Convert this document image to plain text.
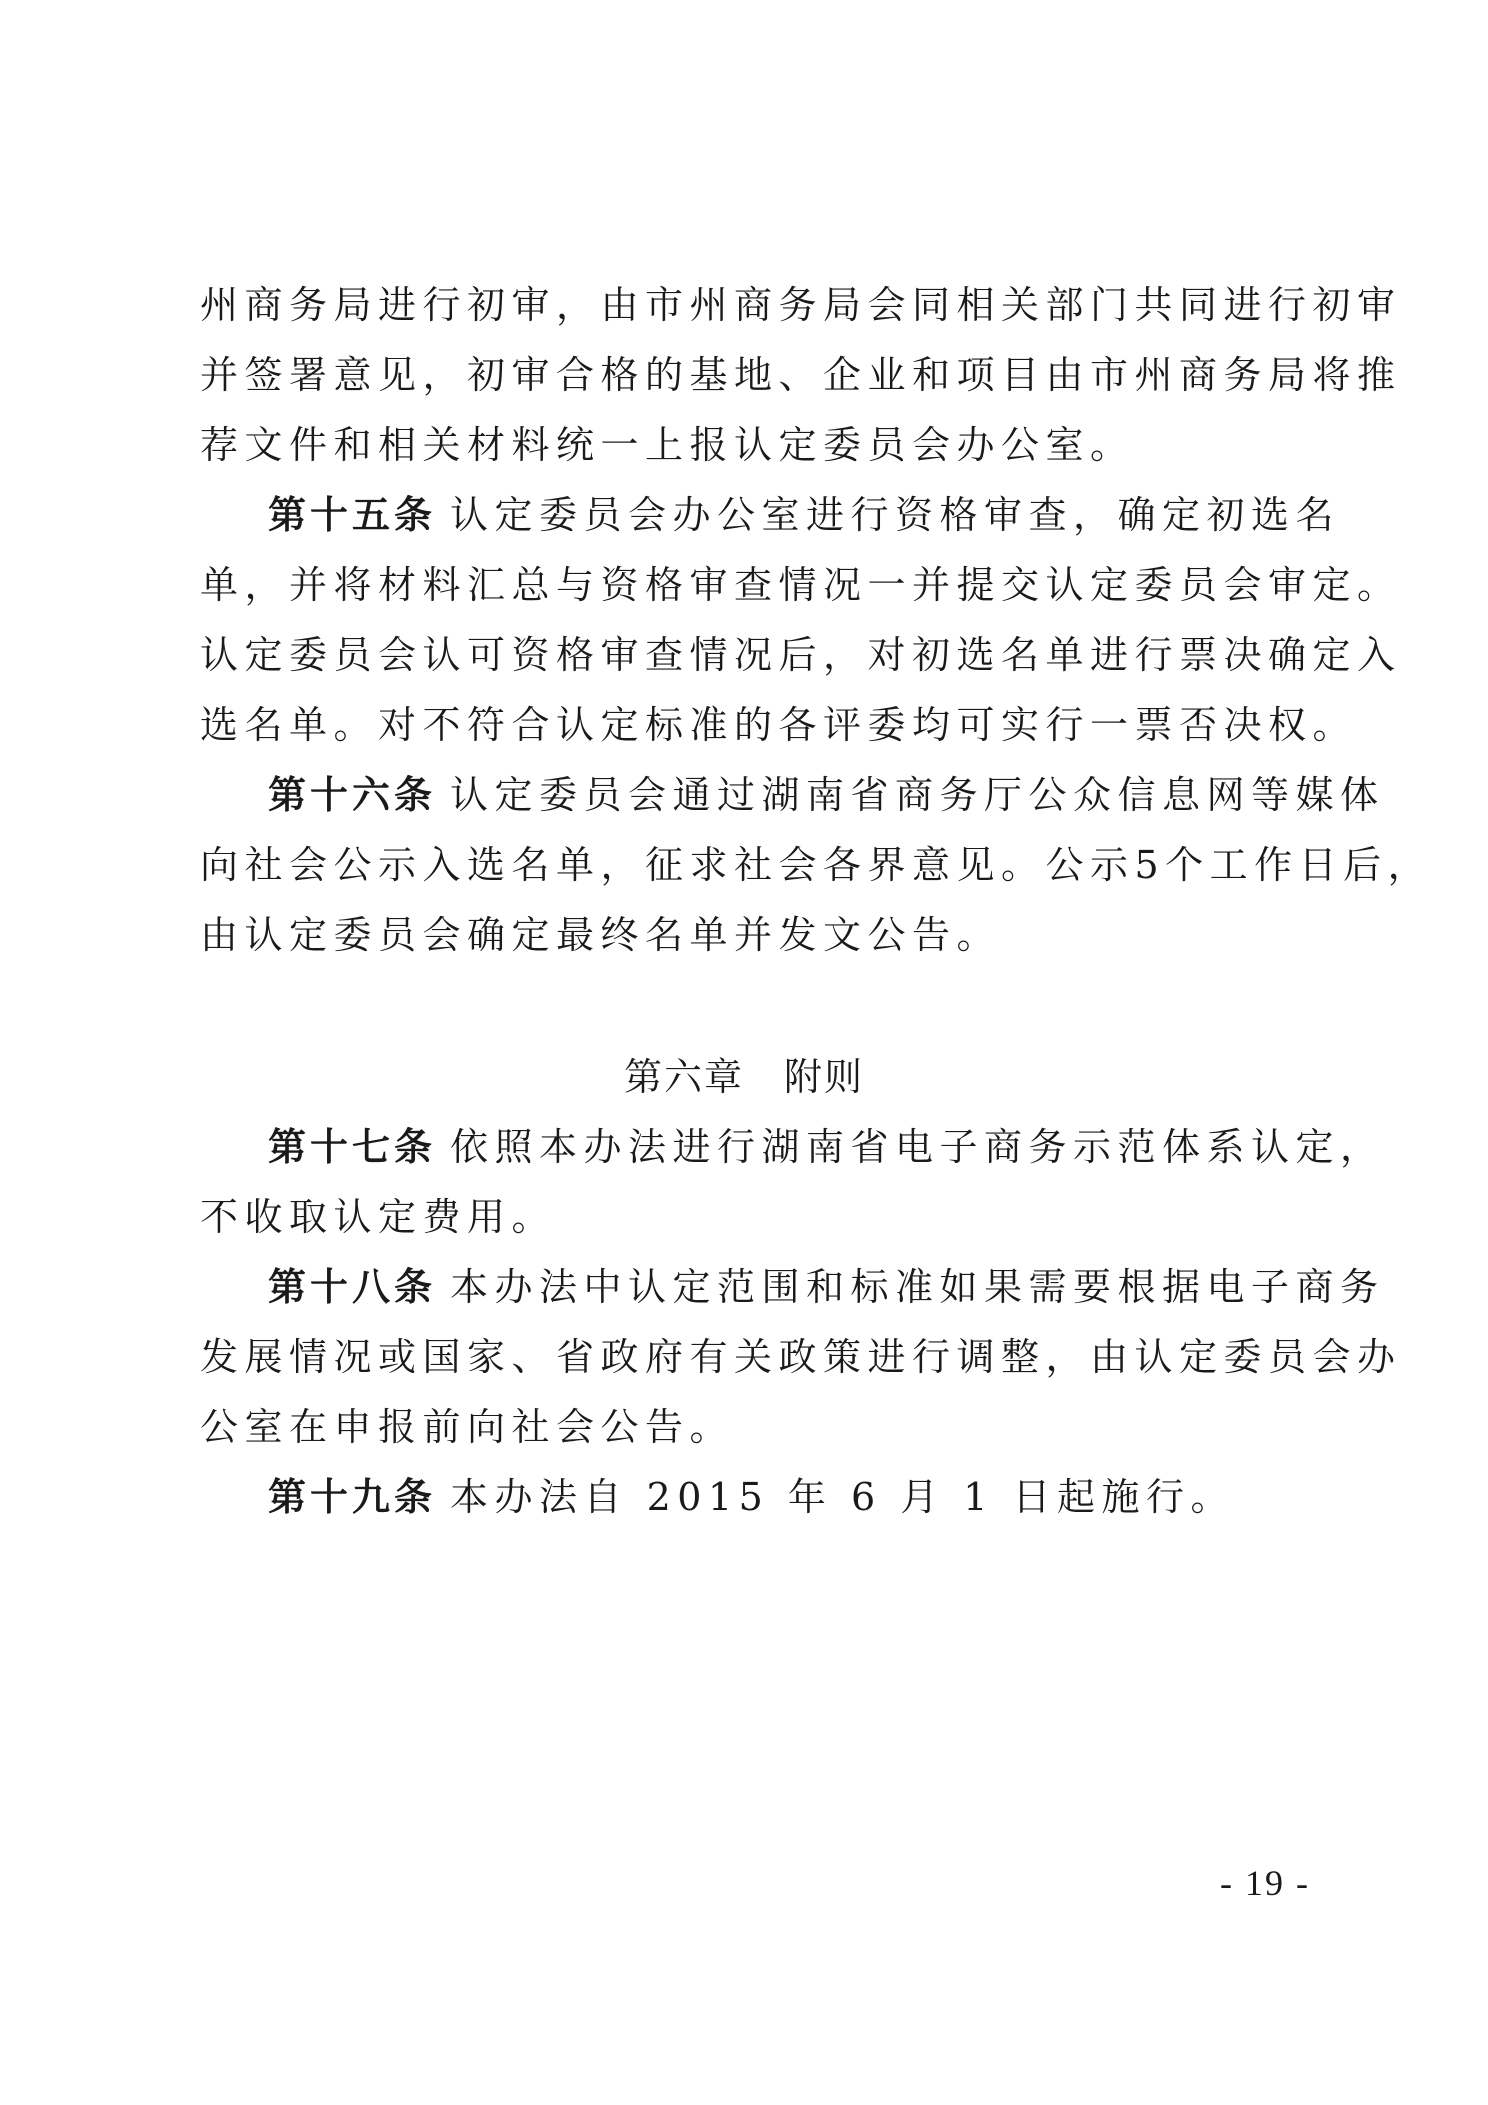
州商务局进行初审，由市州商务局会同相关部门共同进行初审
并签署意见，初审合格的基地、企业和项目由市州商务局将推
荐文件和相关材料统一上报认定委员会办公室。
第十五条 认定委员会办公室进行资格审查，确定初选名
单，并将材料汇总与资格审查情况一并提交认定委员会审定。
认定委员会认可资格审查情况后，对初选名单进行票决确定入
选名单。对不符合认定标准的各评委均可实行一票否决权。
第十六条 认定委员会通过湖南省商务厅公众信息网等媒体
向社会公示入选名单，征求社会各界意见。公示5个工作日后，
由认定委员会确定最终名单并发文公告。
第六章 附则
第十七条 依照本办法进行湖南省电子商务示范体系认定，
不收取认定费用。
第十八条 本办法中认定范围和标准如果需要根据电子商务
发展情况或国家、省政府有关政策进行调整，由认定委员会办
公室在申报前向社会公告。
第十九条 本办法自 2015 年 6 月 1 日起施行。
- 19 -
